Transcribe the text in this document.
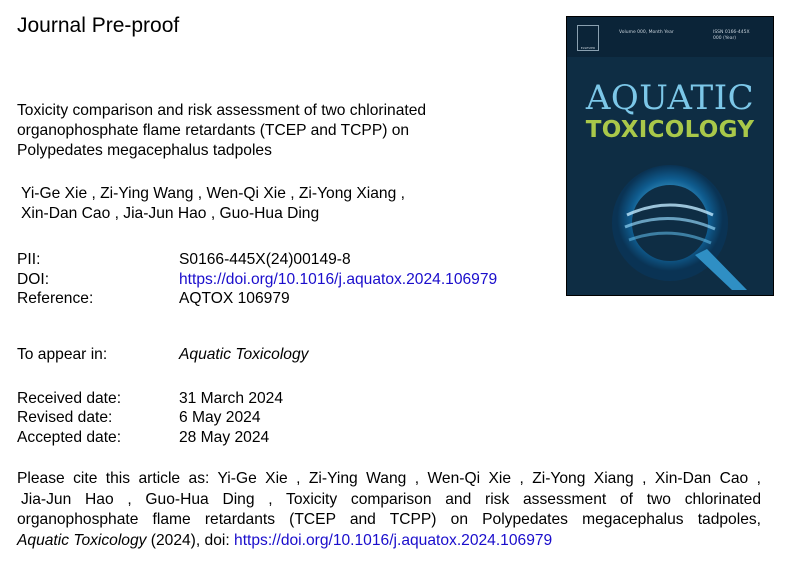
Journal Pre-proof
Toxicity comparison and risk assessment of two chlorinated
organophosphate flame retardants (TCEP and TCPP) on
Polypedates megacephalus tadpoles
Yi-Ge Xie , Zi-Ying Wang , Wen-Qi Xie , Zi-Yong Xiang ,
Xin-Dan Cao , Jia-Jun Hao , Guo-Hua Ding
PII:	S0166-445X(24)00149-8
DOI:	https://doi.org/10.1016/j.aquatox.2024.106979
Reference:	AQTOX 106979
To appear in:	Aquatic Toxicology
Received date:	31 March 2024
Revised date:	6 May 2024
Accepted date:	28 May 2024
Please cite this article as: Yi-Ge Xie , Zi-Ying Wang , Wen-Qi Xie , Zi-Yong Xiang , Xin-Dan Cao ,
Jia-Jun Hao , Guo-Hua Ding , Toxicity comparison and risk assessment of two chlorinated
organophosphate flame retardants (TCEP and TCPP) on Polypedates megacephalus tadpoles,
Aquatic Toxicology (2024), doi: https://doi.org/10.1016/j.aquatox.2024.106979
ELSEVIER
Volume 000, Month Year	ISSN 0166-445X
000 (Year)
AQUATIC
TOXICOLOGY
